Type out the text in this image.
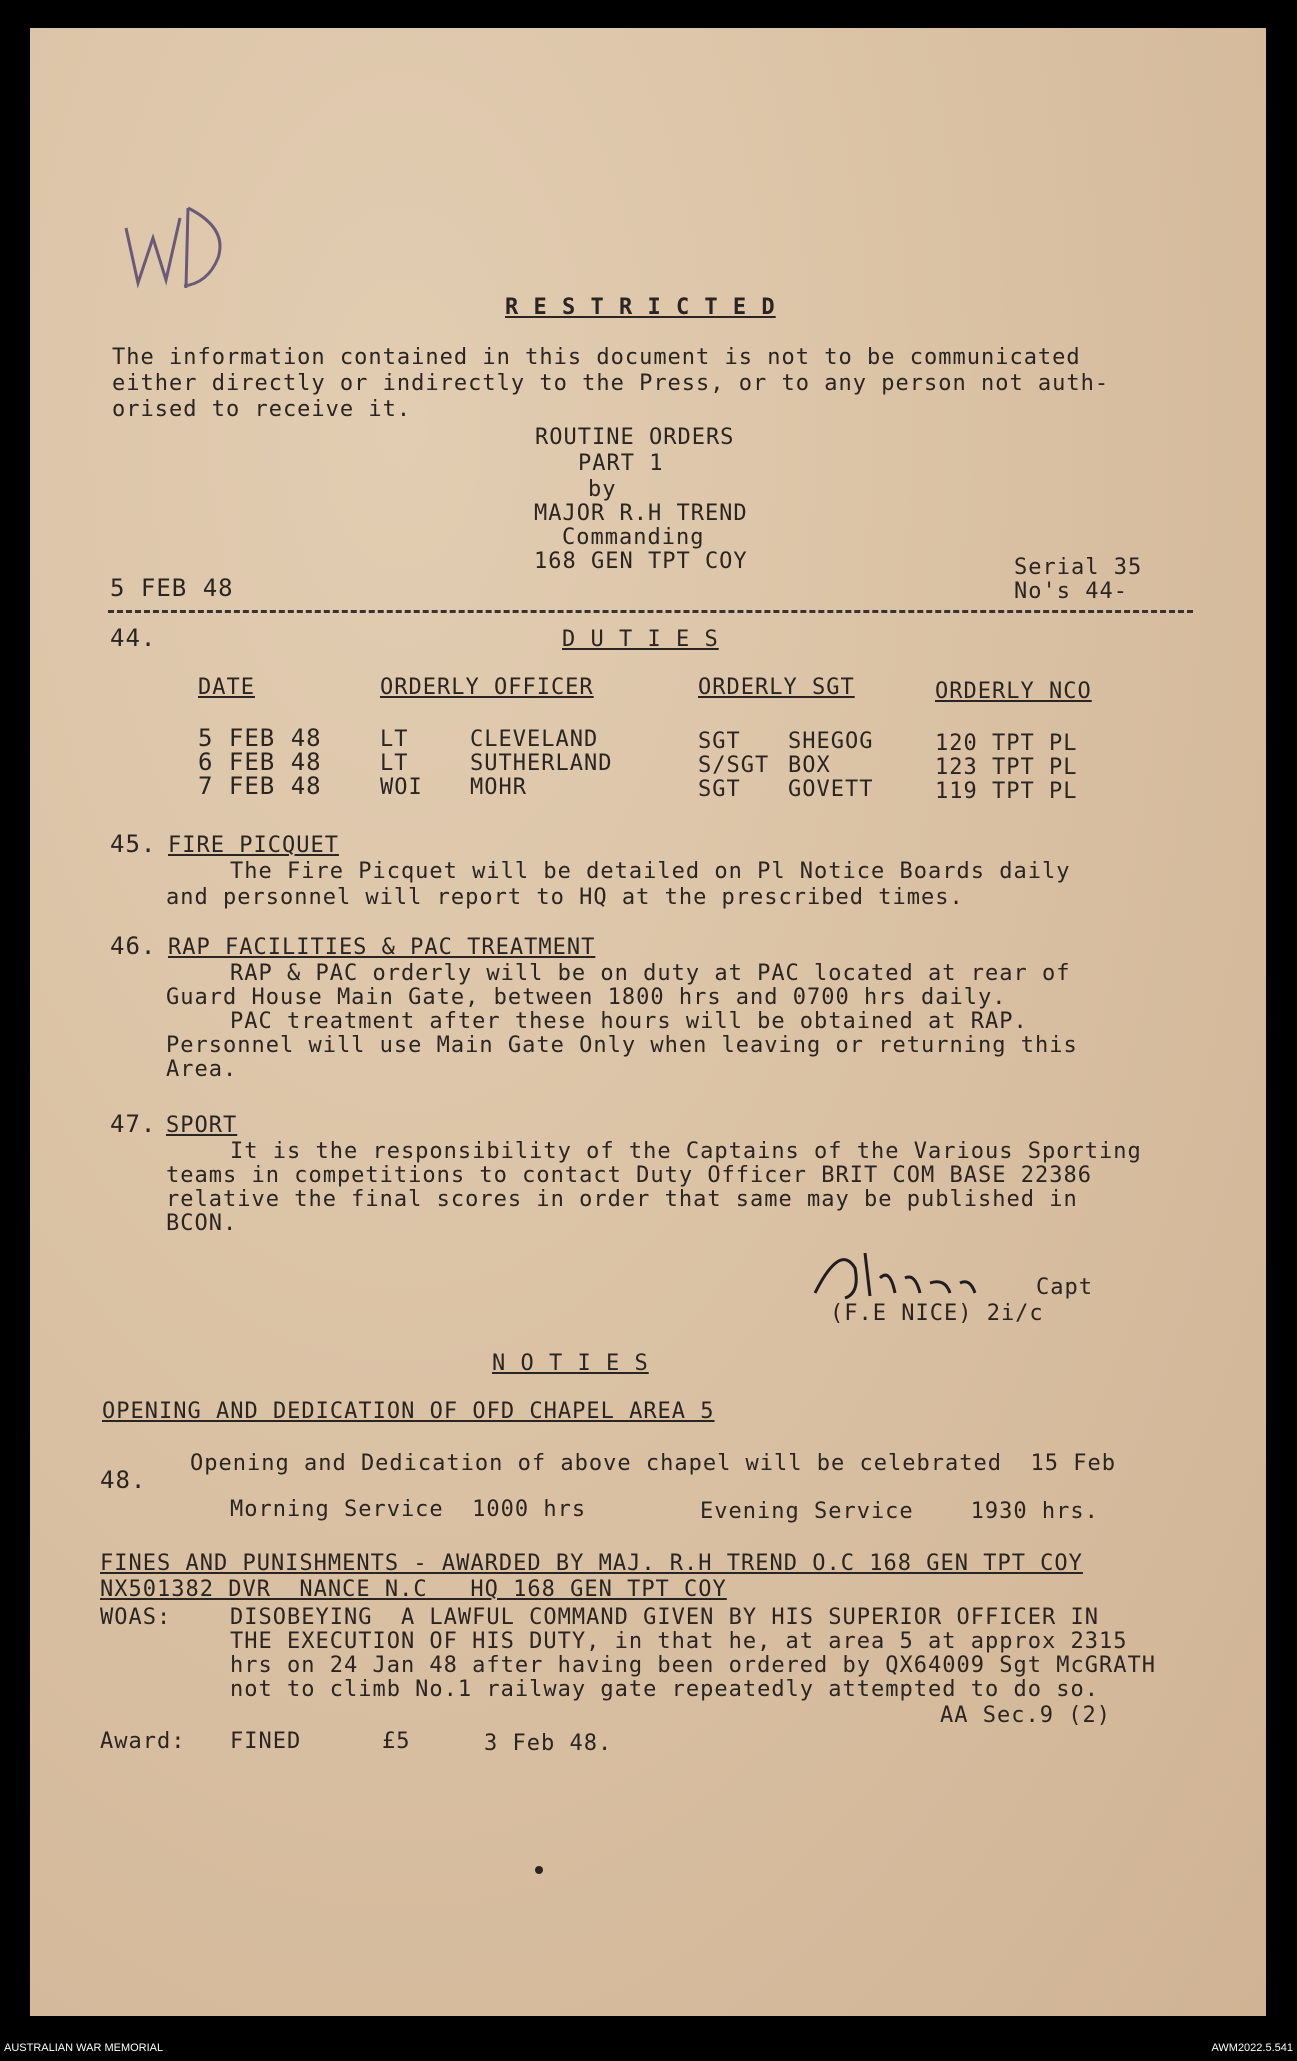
R E S T R I C T E D
The information contained in this document is not to be communicated
either directly or indirectly to the Press, or to any person not auth-
orised to receive it.
ROUTINE ORDERS
PART 1
by
MAJOR R.H TREND
Commanding
168 GEN TPT COY
5 FEB 48
Serial 35
No's 44-
44.	D U T I E S
DATE	ORDERLY OFFICER	ORDERLY SGT	ORDERLY NCO
5 FEB 48	LT	CLEVELAND	SGT SHEGOG	120 TPT PL
6 FEB 48	LT	SUTHERLAND	S/SGT BOX	123 TPT PL
7 FEB 48	WOI MOHR	SGT GOVETT	119 TPT PL
45. FIRE PICQUET
The Fire Picquet will be detailed on Pl Notice Boards daily
and personnel will report to HQ at the prescribed times.
46. RAP FACILITIES & PAC TREATMENT
RAP & PAC orderly will be on duty at PAC located at rear of
Guard House Main Gate, between 1800 hrs and 0700 hrs daily.
PAC treatment after these hours will be obtained at RAP.
Personnel will use Main Gate Only when leaving or returning this
Area.
47. SPORT
It is the responsibility of the Captains of the Various Sporting
teams in competitions to contact Duty Officer BRIT COM BASE 22386
relative the final scores in order that same may be published in
BCON.
Capt
(F.E NICE) 2i/c
N O T I E S
OPENING AND DEDICATION OF OFD CHAPEL AREA 5
Opening and Dedication of above chapel will be celebrated  15 Feb
48.
Morning Service  1000 hrs	Evening Service    1930 hrs.
FINES AND PUNISHMENTS - AWARDED BY MAJ. R.H TREND O.C 168 GEN TPT COY
NX501382 DVR  NANCE N.C   HQ 168 GEN TPT COY
WOAS:	DISOBEYING  A LAWFUL COMMAND GIVEN BY HIS SUPERIOR OFFICER IN
THE EXECUTION OF HIS DUTY, in that he, at area 5 at approx 2315
hrs on 24 Jan 48 after having been ordered by QX64009 Sgt McGRATH
not to climb No.1 railway gate repeatedly attempted to do so.
AA Sec.9 (2)
Award: FINED	£5	3 Feb 48.
AUSTRALIAN WAR MEMORIAL	AWM2022.5.541
